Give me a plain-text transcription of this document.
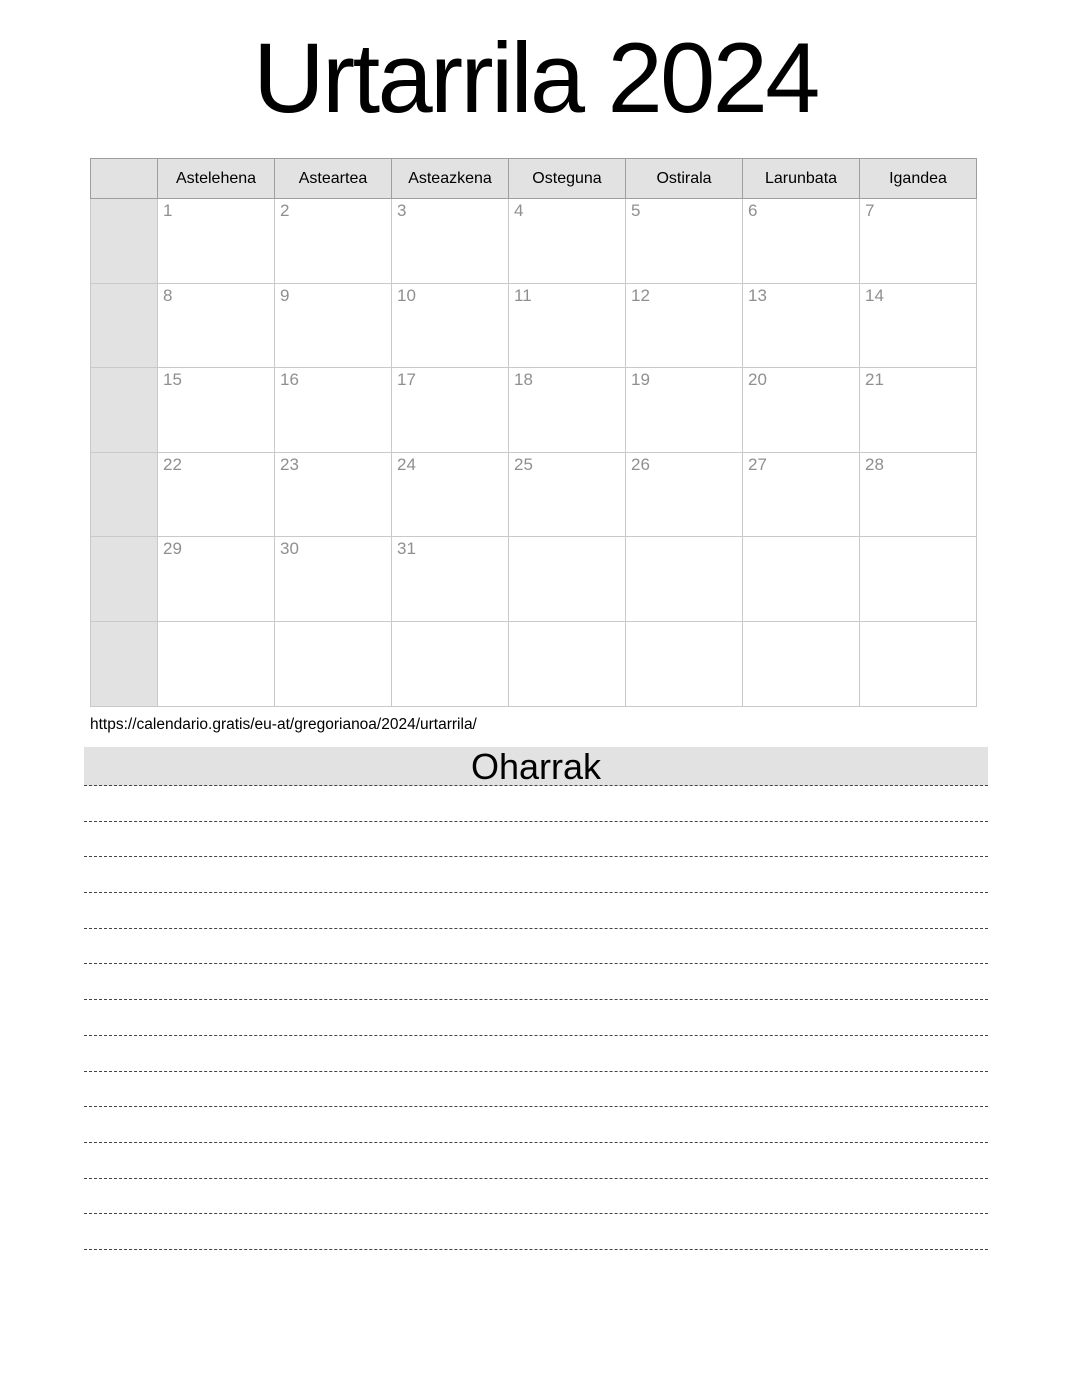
Urtarrila 2024
	Astelehena	Asteartea	Asteazkena	Osteguna	Ostirala	Larunbata	Igandea

	1	2	3	4	5	6	7

	8	9	10	11	12	13	14

	15	16	17	18	19	20	21

	22	23	24	25	26	27	28

	29	30	31				

https://calendario.gratis/eu-at/gregorianoa/2024/urtarrila/
Oharrak
